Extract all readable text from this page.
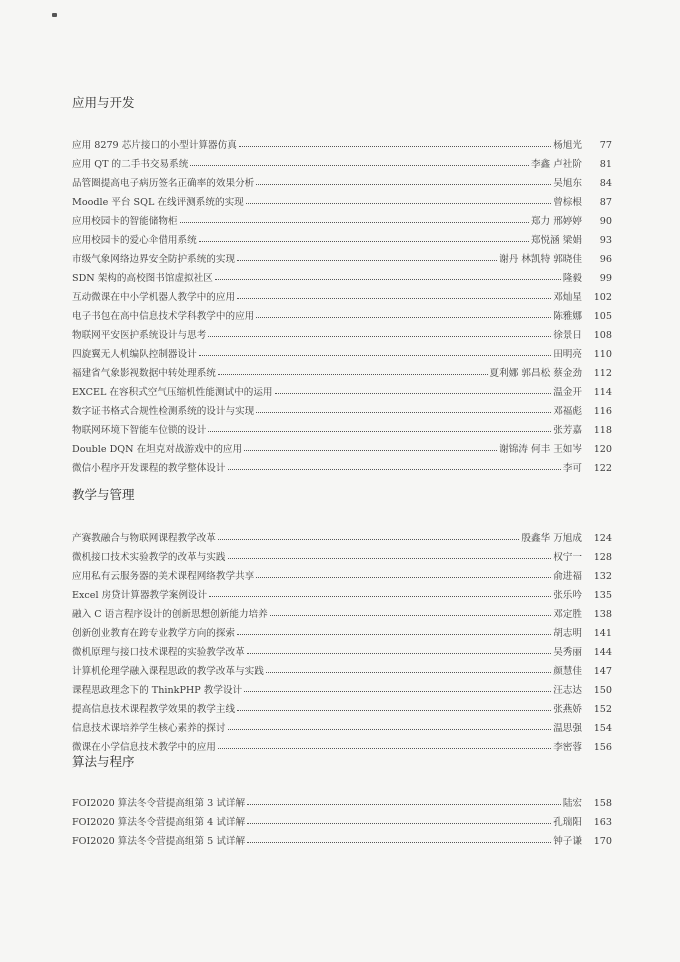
应用与开发
应用 8279 芯片接口的小型计算器仿真	杨旭光	77
应用 QT 的二手书交易系统	李鑫 卢社阶	81
品管圈提高电子病历签名正确率的效果分析	吴旭东	84
Moodle 平台 SQL 在线评测系统的实现	曾棕根	87
应用校园卡的智能储物柜	郑力 邢婷婷	90
应用校园卡的爱心伞借用系统	郑悦涵 梁娟	93
市级气象网络边界安全防护系统的实现	谢丹 林凯特 郭晓佳	96
SDN 架构的高校图书馆虚拟社区	隆毅	99
互动微课在中小学机器人教学中的应用	邓灿星	102
电子书包在高中信息技术学科教学中的应用	陈雅娜	105
物联网平安医护系统设计与思考	徐景日	108
四旋翼无人机编队控制器设计	田明亮	110
福建省气象影视数据中转处理系统	夏利娜 郭昌松 蔡金劲	112
EXCEL 在容积式空气压缩机性能测试中的运用	温金开	114
数字证书格式合规性检测系统的设计与实现	邓福彪	116
物联网环境下智能车位锁的设计	张芳嘉	118
Double DQN 在坦克对战游戏中的应用	谢锦涛 何丰 王如岑	120
微信小程序开发课程的教学整体设计	李可	122
教学与管理
产赛教融合与物联网课程教学改革	殷鑫华 万旭成	124
微机接口技术实验教学的改革与实践	权宁一	128
应用私有云服务器的美术课程网络教学共享	俞进福	132
Excel 房贷计算器教学案例设计	张乐吟	135
融入 C 语言程序设计的创新思想创新能力培养	邓定胜	138
创新创业教育在跨专业教学方向的探索	胡志明	141
微机原理与接口技术课程的实验教学改革	吴秀丽	144
计算机伦理学融入课程思政的教学改革与实践	颜慧佳	147
课程思政理念下的 ThinkPHP 教学设计	汪志达	150
提高信息技术课程教学效果的教学主线	张燕娇	152
信息技术课培养学生核心素养的探讨	温思强	154
微课在小学信息技术教学中的应用	李密蓉	156
算法与程序
FOI2020 算法冬令营提高组第 3 试详解	陆宏	158
FOI2020 算法冬令营提高组第 4 试详解	孔瑞阳	163
FOI2020 算法冬令营提高组第 5 试详解	钟子谦	170
